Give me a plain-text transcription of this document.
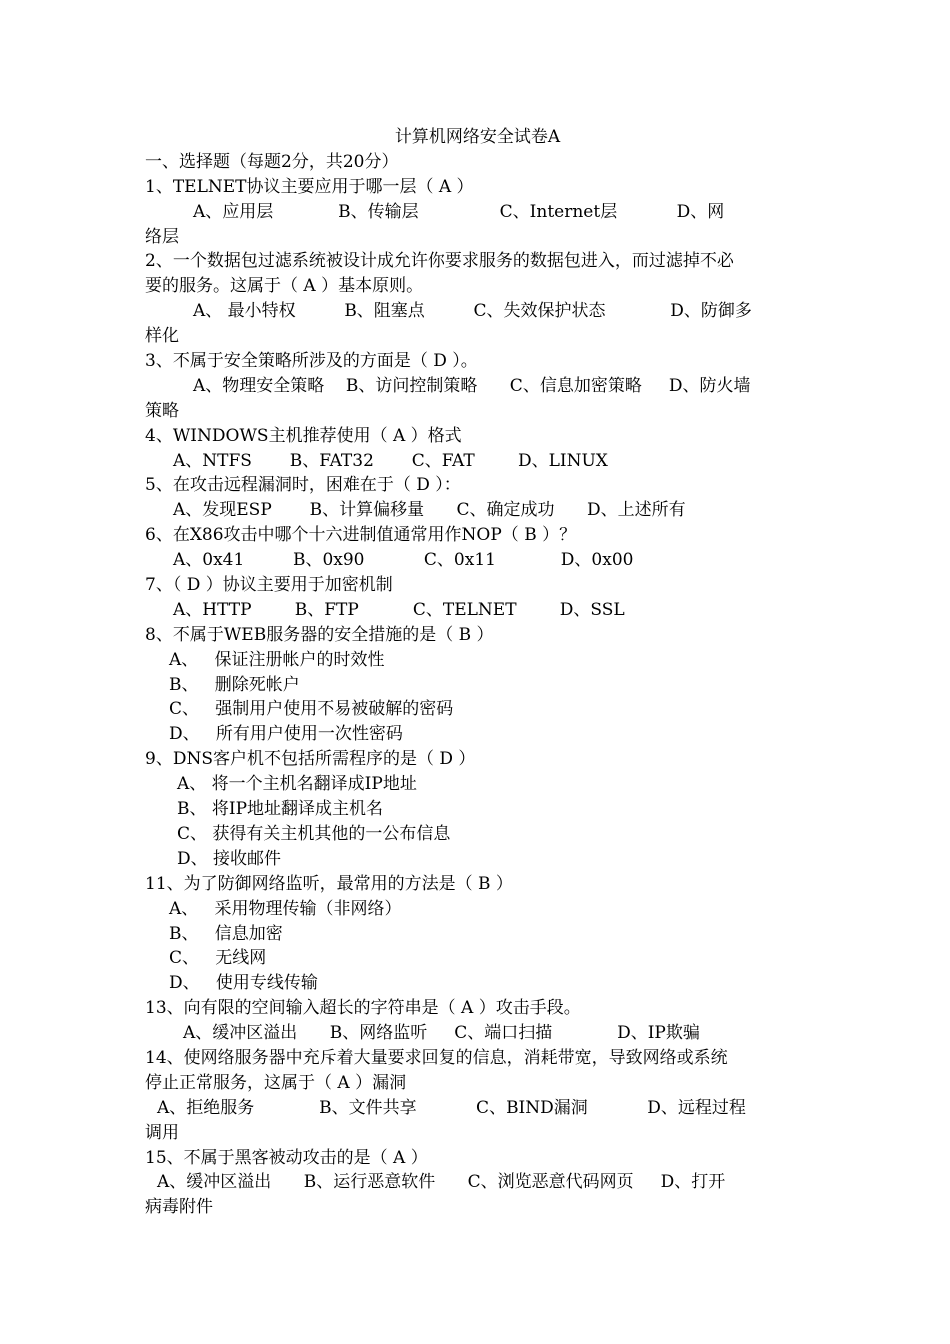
计算机网络安全试卷A
一、选择题（每题2分，共20分）
1、TELNET协议主要应用于哪一层（ A ）
A、应用层            B、传输层               C、Internet层           D、网
络层
2、一个数据包过滤系统被设计成允许你要求服务的数据包进入，而过滤掉不必
要的服务。这属于（ A ）基本原则。
A、 最小特权         B、阻塞点         C、失效保护状态            D、防御多
样化
3、不属于安全策略所涉及的方面是（ D ）。
A、物理安全策略    B、访问控制策略      C、信息加密策略     D、防火墙
策略
4、WINDOWS主机推荐使用（ A ）格式
A、NTFS       B、FAT32       C、FAT        D、LINUX
5、在攻击远程漏洞时，困难在于（ D ）：
A、发现ESP       B、计算偏移量      C、确定成功      D、上述所有
6、在X86攻击中哪个十六进制值通常用作NOP（ B ）？
A、0x41         B、0x90           C、0x11            D、0x00
7、（ D ）协议主要用于加密机制
A、HTTP        B、FTP          C、TELNET        D、SSL
8、不属于WEB服务器的安全措施的是（ B ）
A、   保证注册帐户的时效性
B、   删除死帐户
C、   强制用户使用不易被破解的密码
D、   所有用户使用一次性密码
9、DNS客户机不包括所需程序的是（ D ）
A、 将一个主机名翻译成IP地址
B、 将IP地址翻译成主机名
C、 获得有关主机其他的一公布信息
D、 接收邮件
11、为了防御网络监听，最常用的方法是（ B ）
A、   采用物理传输（非网络）
B、   信息加密
C、   无线网
D、   使用专线传输
13、向有限的空间输入超长的字符串是（ A ）攻击手段。
A、缓冲区溢出      B、网络监听     C、端口扫描            D、IP欺骗
14、使网络服务器中充斥着大量要求回复的信息，消耗带宽，导致网络或系统
停止正常服务，这属于（ A ）漏洞
A、拒绝服务            B、文件共享           C、BIND漏洞           D、远程过程
调用
15、不属于黑客被动攻击的是（ A ）
A、缓冲区溢出      B、运行恶意软件      C、浏览恶意代码网页     D、打开
病毒附件
